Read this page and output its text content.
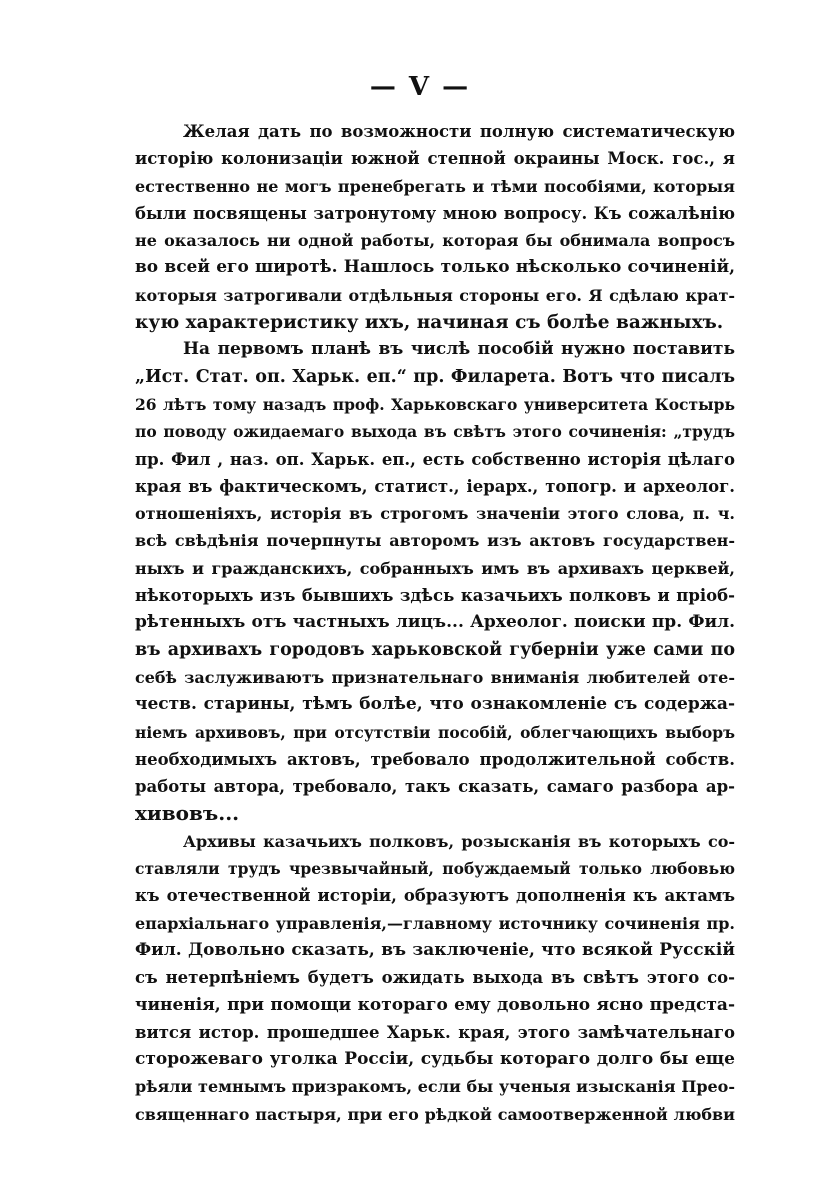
— V —
Желая дать по возможности полную систематическую
исторію колонизаціи южной степной окраины Моск. гос., я
естественно не могъ пренебрегать и тѣми пособіями, которыя
были посвящены затронутому мною вопросу. Къ сожалѣнію
не оказалось ни одной работы, которая бы обнимала вопросъ
во всей его широтѣ. Нашлось только нѣсколько сочиненій,
которыя затрогивали отдѣльныя стороны его. Я сдѣлаю крат-
кую характеристику ихъ, начиная съ болѣе важныхъ.
На первомъ планѣ въ числѣ пособій нужно поставить
„Ист. Стат. оп. Харьк. еп.“ пр. Филарета. Вотъ что писалъ
26 лѣтъ тому назадъ проф. Харьковскаго университета Костырь
по поводу ожидаемаго выхода въ свѣтъ этого сочиненія: „трудъ
пр. Фил , наз. оп. Харьк. еп., есть собственно исторія цѣлаго
края въ фактическомъ, статист., іерарх., топогр. и археолог.
отношеніяхъ, исторія въ строгомъ значеніи этого слова, п. ч.
всѣ свѣдѣнія почерпнуты авторомъ изъ актовъ государствен-
ныхъ и гражданскихъ, собранныхъ имъ въ архивахъ церквей,
нѣкоторыхъ изъ бывшихъ здѣсь казачьихъ полковъ и пріоб-
рѣтенныхъ отъ частныхъ лицъ... Археолог. поиски пр. Фил.
въ архивахъ городовъ харьковской губерніи уже сами по
себѣ заслуживаютъ признательнаго вниманія любителей оте-
честв. старины, тѣмъ болѣе, что ознакомленіе съ содержа-
ніемъ архивовъ, при отсутствіи пособій, облегчающихъ выборъ
необходимыхъ актовъ, требовало продолжительной собств.
работы автора, требовало, такъ сказать, самаго разбора ар-
хивовъ...
Архивы казачьихъ полковъ, розысканія въ которыхъ со-
ставляли трудъ чрезвычайный, побуждаемый только любовью
къ отечественной исторіи, образуютъ дополненія къ актамъ
епархіальнаго управленія,—главному источнику сочиненія пр.
Фил. Довольно сказать, въ заключеніе, что всякой Русскій
съ нетерпѣніемъ будетъ ожидать выхода въ свѣтъ этого со-
чиненія, при помощи котораго ему довольно ясно предста-
вится истор. прошедшее Харьк. края, этого замѣчательнаго
сторожеваго уголка Россіи, судьбы котораго долго бы еще
рѣяли темнымъ призракомъ, если бы ученыя изысканія Прео-
священнаго пастыря, при его рѣдкой самоотверженной любви
